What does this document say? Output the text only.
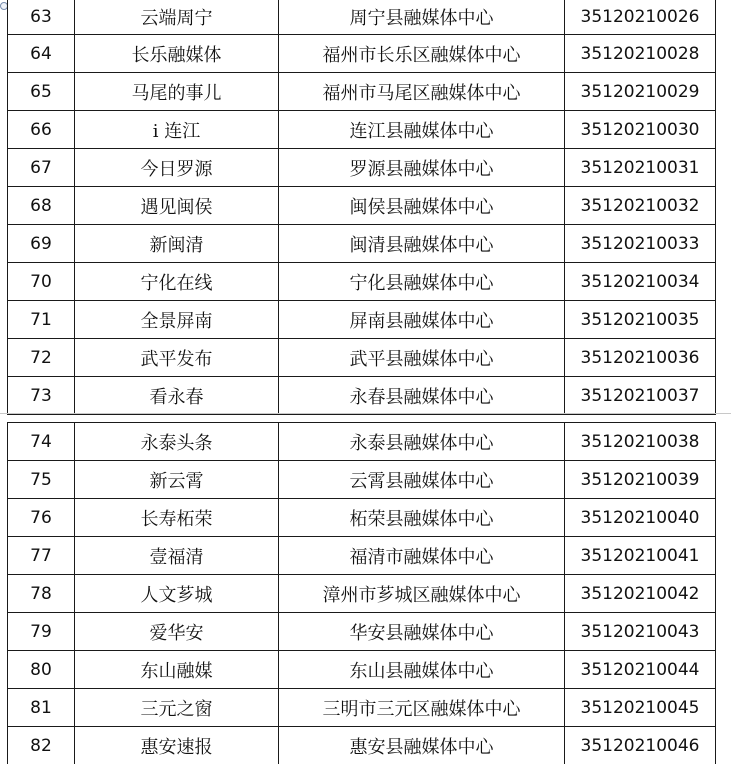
63	云端周宁	周宁县融媒体中心	35120210026
64	长乐融媒体	福州市长乐区融媒体中心	35120210028
65	马尾的事儿	福州市马尾区融媒体中心	35120210029
66	i 连江	连江县融媒体中心	35120210030
67	今日罗源	罗源县融媒体中心	35120210031
68	遇见闽侯	闽侯县融媒体中心	35120210032
69	新闽清	闽清县融媒体中心	35120210033
70	宁化在线	宁化县融媒体中心	35120210034
71	全景屏南	屏南县融媒体中心	35120210035
72	武平发布	武平县融媒体中心	35120210036
73	看永春	永春县融媒体中心	35120210037
74	永泰头条	永泰县融媒体中心	35120210038
75	新云霄	云霄县融媒体中心	35120210039
76	长寿柘荣	柘荣县融媒体中心	35120210040
77	壹福清	福清市融媒体中心	35120210041
78	人文芗城	漳州市芗城区融媒体中心	35120210042
79	爱华安	华安县融媒体中心	35120210043
80	东山融媒	东山县融媒体中心	35120210044
81	三元之窗	三明市三元区融媒体中心	35120210045
82	惠安速报	惠安县融媒体中心	35120210046
